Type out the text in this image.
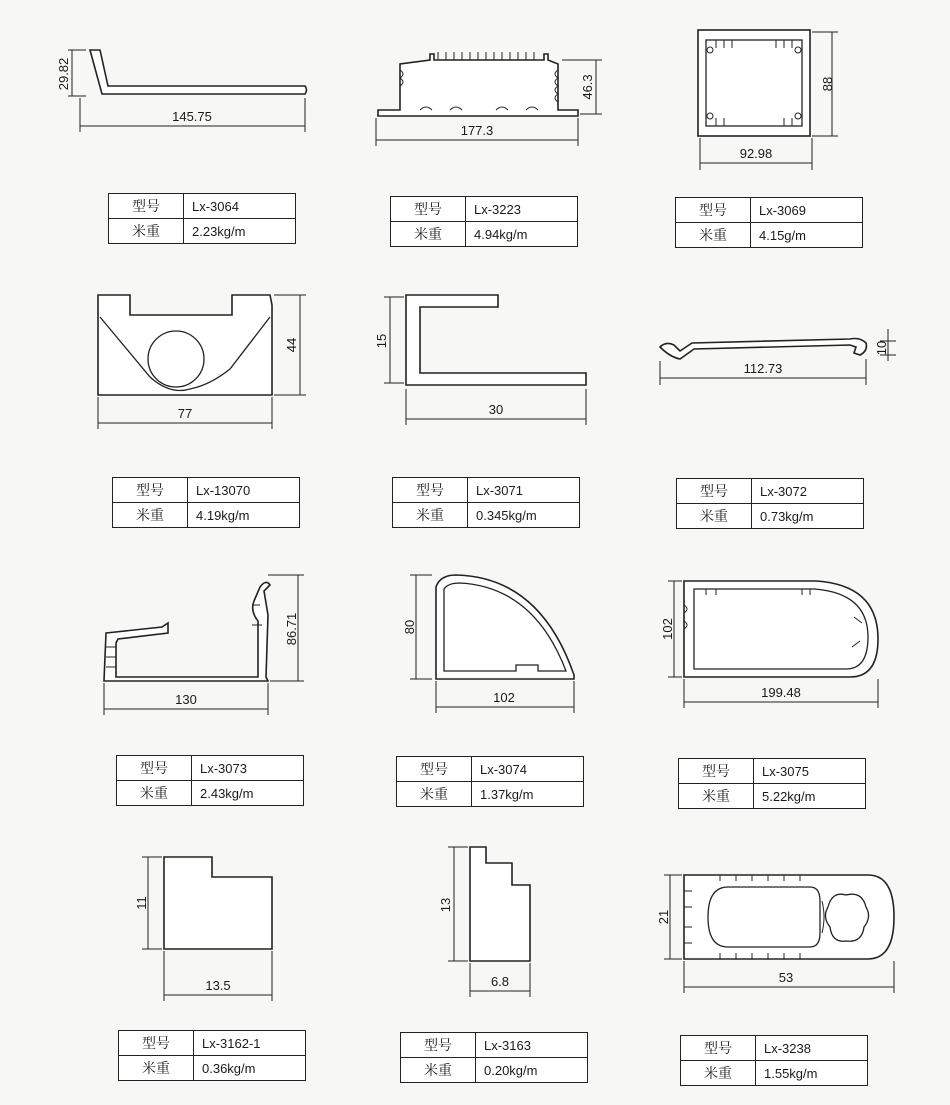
29.82
145.75
型号	Lx-3064
米重	2.23kg/m
46.3
177.3
型号	Lx-3223
米重	4.94kg/m
88
92.98
型号	Lx-3069
米重	4.15g/m
44
77
型号	Lx-13070
米重	4.19kg/m
15
30
型号	Lx-3071
米重	0.345kg/m
10
112.73
型号	Lx-3072
米重	0.73kg/m
86.71
130
型号	Lx-3073
米重	2.43kg/m
80
102
型号	Lx-3074
米重	1.37kg/m
102
199.48
型号	Lx-3075
米重	5.22kg/m
11
13.5
型号	Lx-3162-1
米重	0.36kg/m
13
6.8
型号	Lx-3163
米重	0.20kg/m
21
53
型号	Lx-3238
米重	1.55kg/m
